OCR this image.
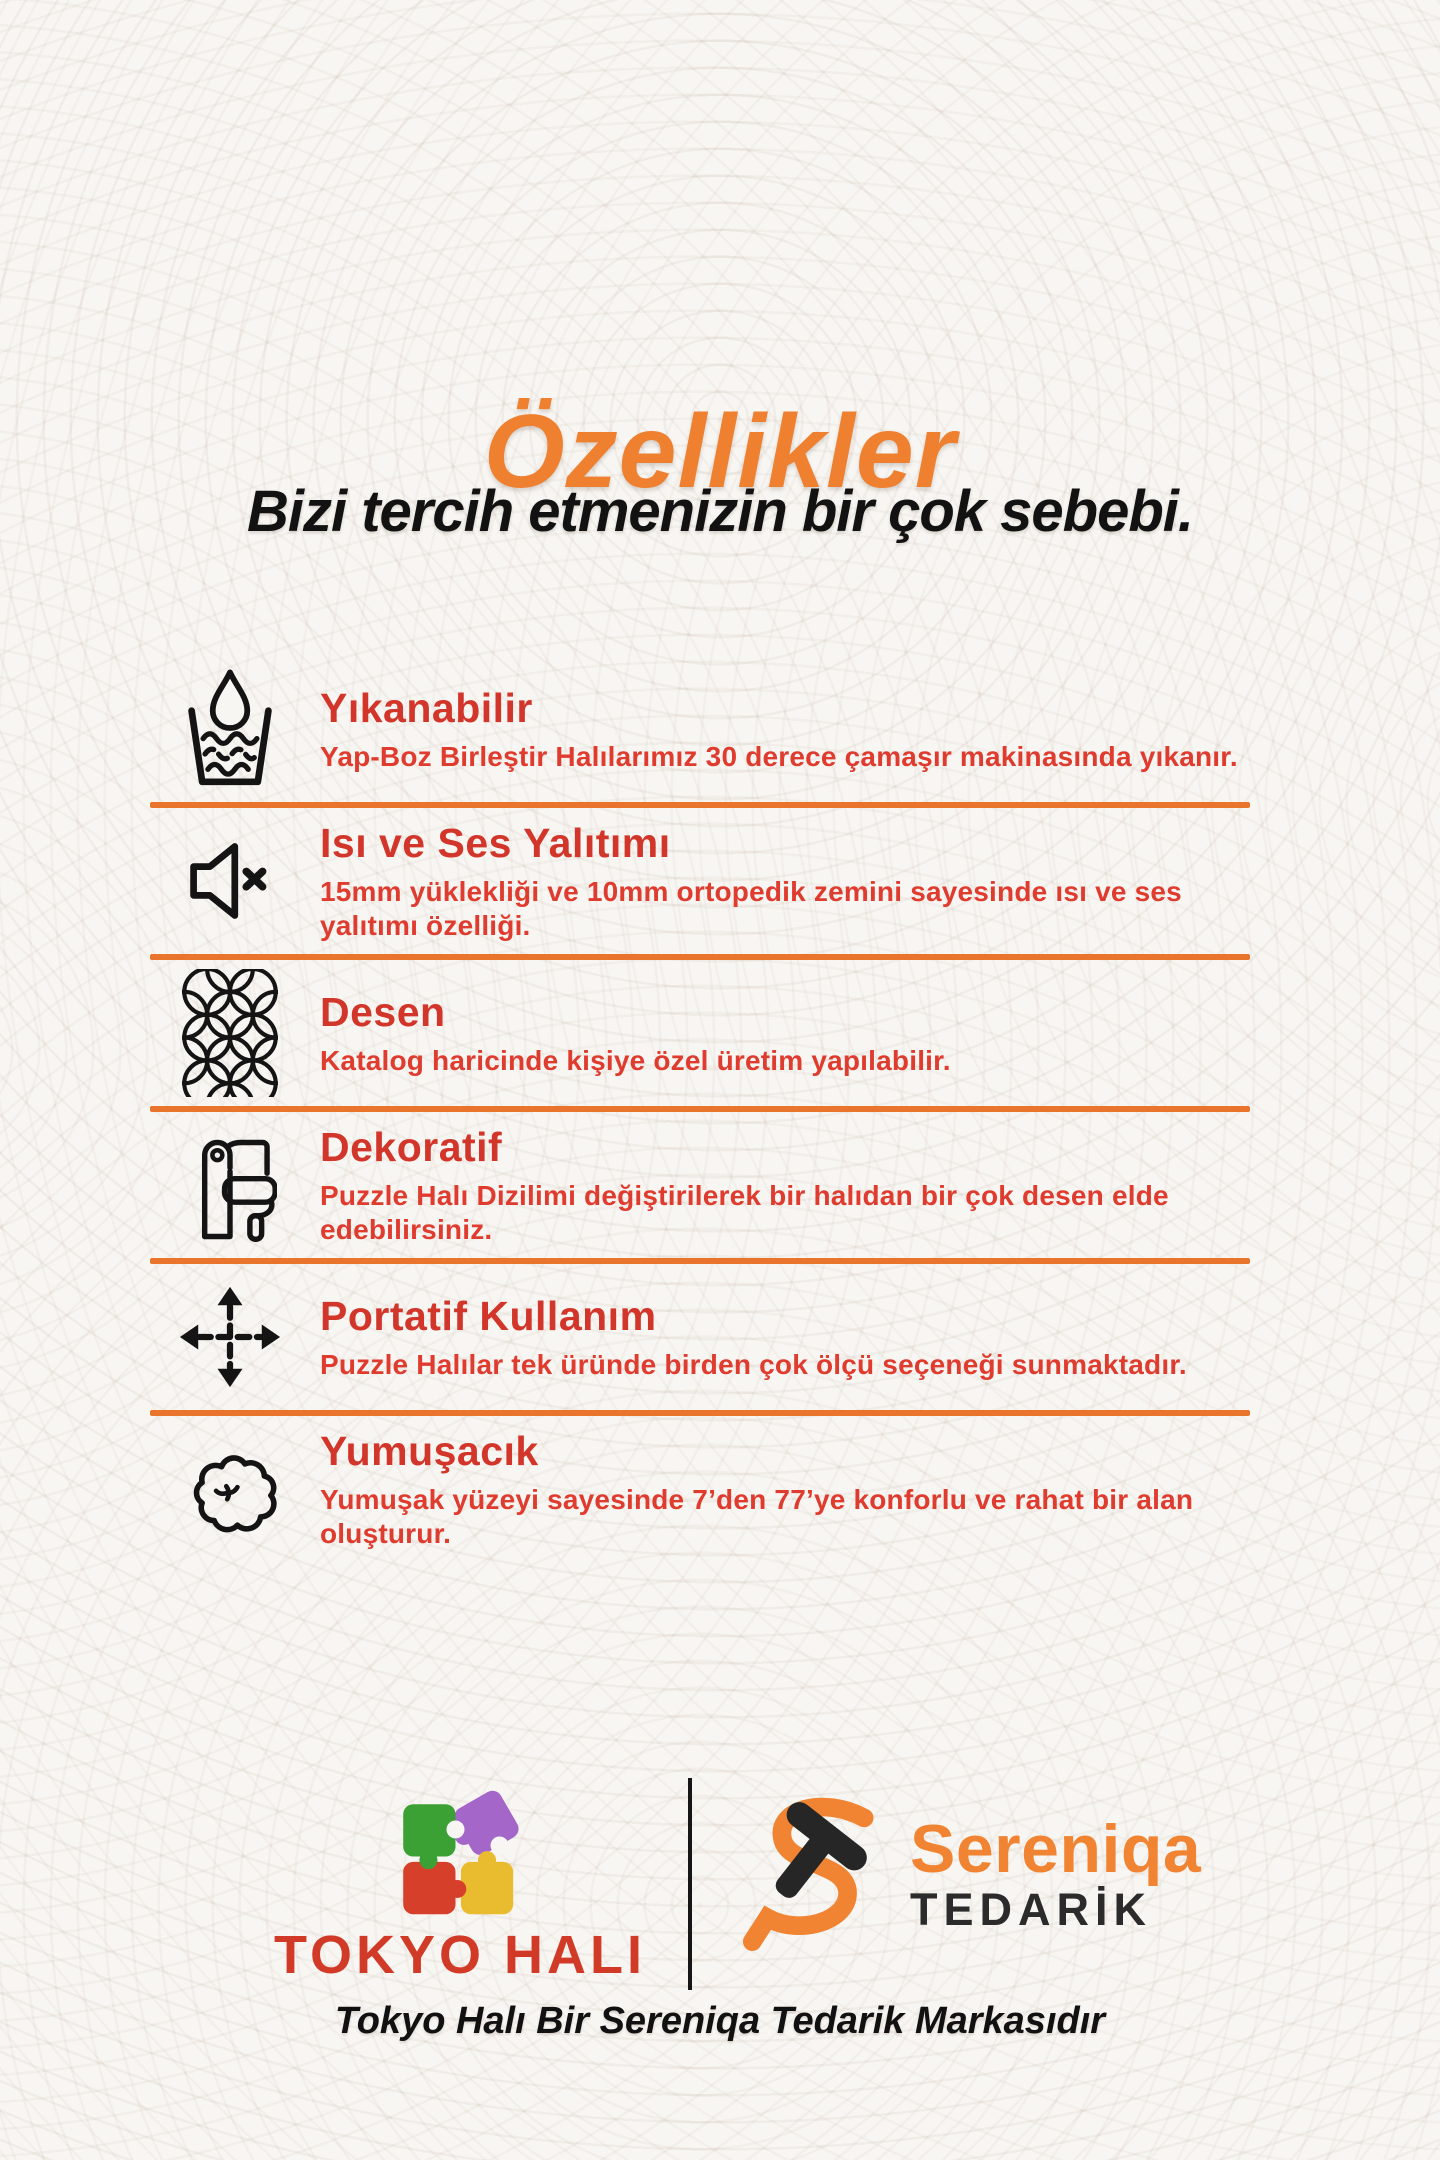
Özellikler
Bizi tercih etmenizin bir çok sebebi.
Yıkanabilir
Yap-Boz Birleştir Halılarımız 30 derece çamaşır makinasında yıkanır.
Isı ve Ses Yalıtımı
15mm yüklekliği ve 10mm ortopedik zemini sayesinde ısı ve ses yalıtımı özelliği.
Desen
Katalog haricinde kişiye özel üretim yapılabilir.
Dekoratif
Puzzle Halı Dizilimi değiştirilerek bir halıdan bir çok desen elde edebilirsiniz.
Portatif Kullanım
Puzzle Halılar tek üründe birden çok ölçü seçeneği sunmaktadır.
Yumuşacık
Yumuşak yüzeyi sayesinde 7’den 77’ye konforlu ve rahat bir alan oluşturur.
TOKYO HALI
Sereniqa
TEDARİK
Tokyo Halı Bir Sereniqa Tedarik Markasıdır
